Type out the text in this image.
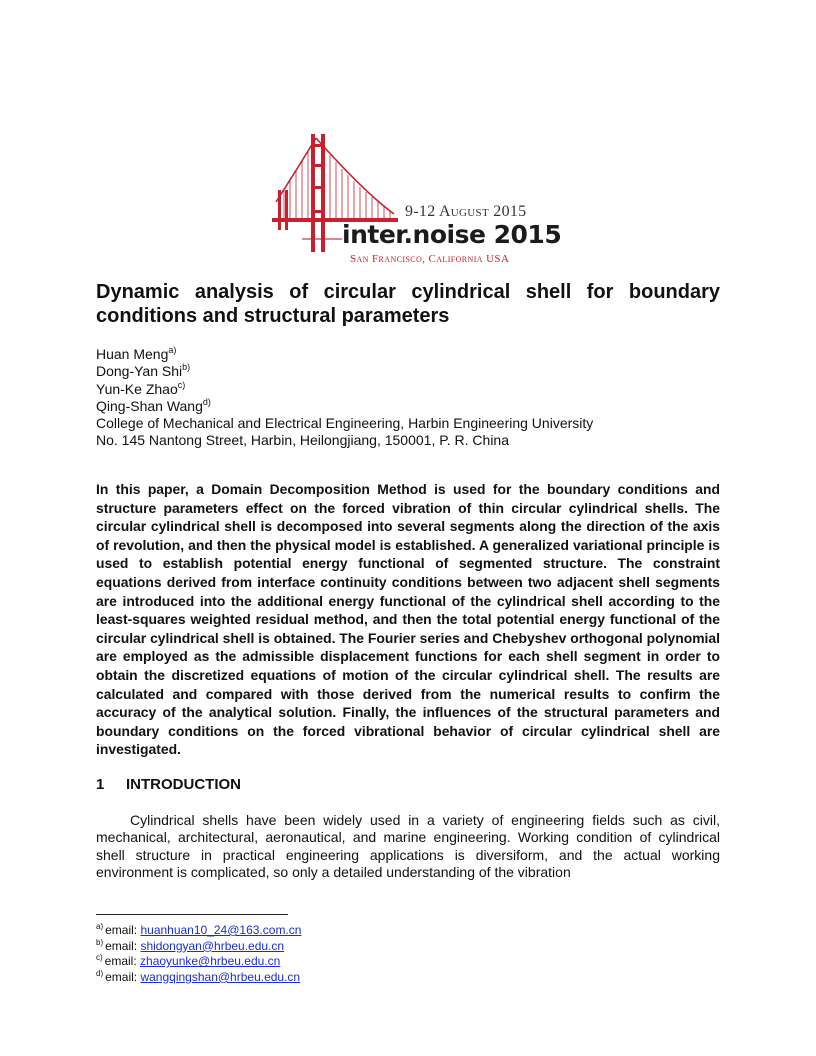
9-12 August 2015
inter.noise 2015
San Francisco, California USA
Dynamic analysis of circular cylindrical shell for boundary
conditions and structural parameters
Huan Meng$^{a)}$
Dong-Yan Shi$^{b)}$
Yun-Ke Zhao$^{c)}$
Qing-Shan Wang$^{d)}$
College of Mechanical and Electrical Engineering, Harbin Engineering University
No. 145 Nantong Street, Harbin, Heilongjiang, 150001, P. R. China

In this paper, a Domain Decomposition Method is used for the boundary conditions and structure parameters effect on the forced vibration of thin circular cylindrical shells. The circular cylindrical shell is decomposed into several segments along the direction of the axis of revolution, and then the physical model is established. A generalized variational principle is used to establish potential energy functional of segmented structure. The constraint equations derived from interface continuity conditions between two adjacent shell segments are introduced into the additional energy functional of the cylindrical shell according to the least-squares weighted residual method, and then the total potential energy functional of the circular cylindrical shell is obtained. The Fourier series and Chebyshev orthogonal polynomial are employed as the admissible displacement functions for each shell segment in order to obtain the discretized equations of motion of the circular cylindrical shell. The results are calculated and compared with those derived from the numerical results to confirm the accuracy of the analytical solution. Finally, the influences of the structural parameters and boundary conditions on the forced vibrational behavior of circular cylindrical shell are investigated.

1 INTRODUCTION

Cylindrical shells have been widely used in a variety of engineering fields such as civil, mechanical, architectural, aeronautical, and marine engineering. Working condition of cylindrical shell structure in practical engineering applications is diversiform, and the actual working environment is complicated, so only a detailed understanding of the vibration

$^{a)}$ email: huanhuan10_24@163.com.cn
$^{b)}$ email: shidongyan@hrbeu.edu.cn
$^{c)}$ email: zhaoyunke@hrbeu.edu.cn
$^{d)}$ email: wangqingshan@hrbeu.edu.cn
